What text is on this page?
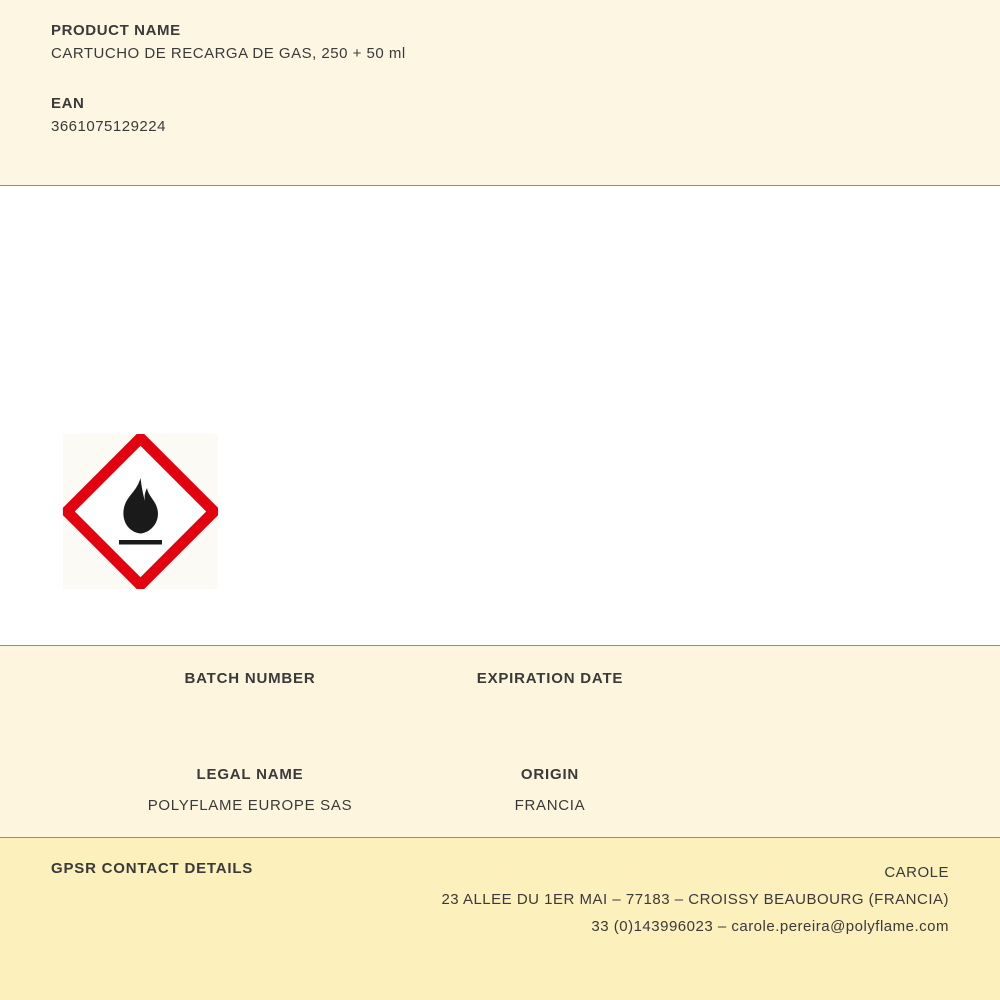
PRODUCT NAME
CARTUCHO DE RECARGA DE GAS, 250 + 50 ml
EAN
3661075129224
BATCH NUMBER	EXPIRATION DATE
LEGAL NAME
POLYFLAME EUROPE SAS
ORIGIN
FRANCIA
GPSR CONTACT DETAILS	CAROLE
23 ALLEE DU 1ER MAI – 77183 – CROISSY BEAUBOURG (FRANCIA)
33 (0)143996023 – carole.pereira@polyflame.com
